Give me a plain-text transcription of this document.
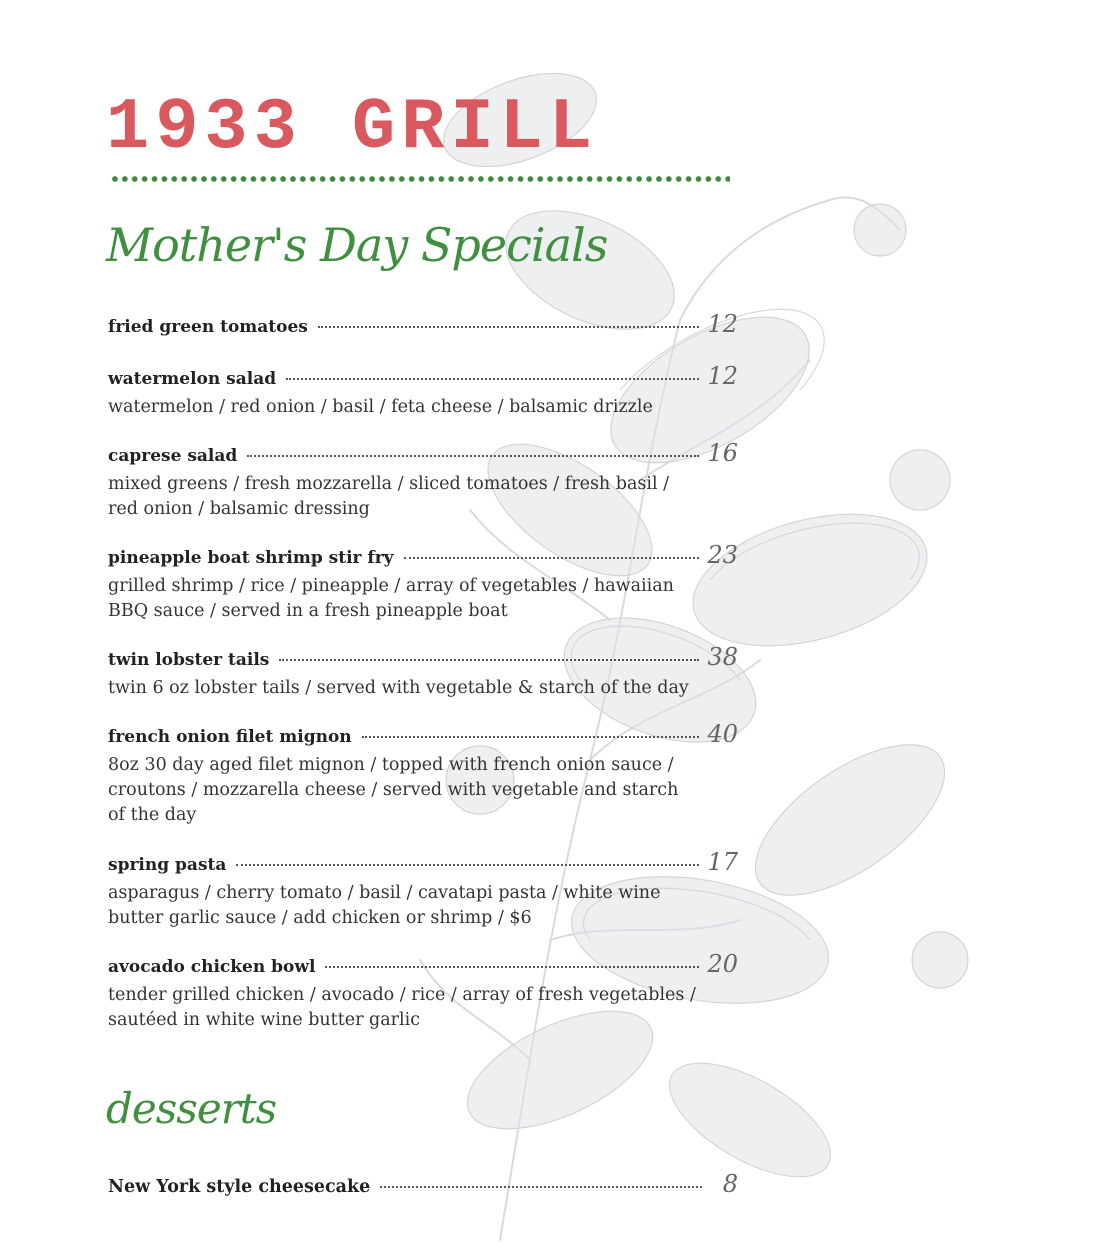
1933 GRILL
Mother's Day Specials
fried green tomatoes	12
watermelon salad	12
watermelon / red onion / basil / feta cheese / balsamic drizzle
caprese salad	16
mixed greens / fresh mozzarella / sliced tomatoes / fresh basil / red onion / balsamic dressing
pineapple boat shrimp stir fry	23
grilled shrimp / rice / pineapple / array of vegetables / hawaiian BBQ sauce / served in a fresh pineapple boat
twin lobster tails	38
twin 6 oz lobster tails / served with vegetable & starch of the day
french onion filet mignon	40
8oz 30 day aged filet mignon / topped with french onion sauce / croutons / mozzarella cheese / served with vegetable and starch of the day
spring pasta	17
asparagus / cherry tomato / basil / cavatapi pasta / white wine butter garlic sauce / add chicken or shrimp / $6
avocado chicken bowl	20
tender grilled chicken / avocado / rice / array of fresh vegetables / sautéed in white wine butter garlic
desserts
New York style cheesecake	8
